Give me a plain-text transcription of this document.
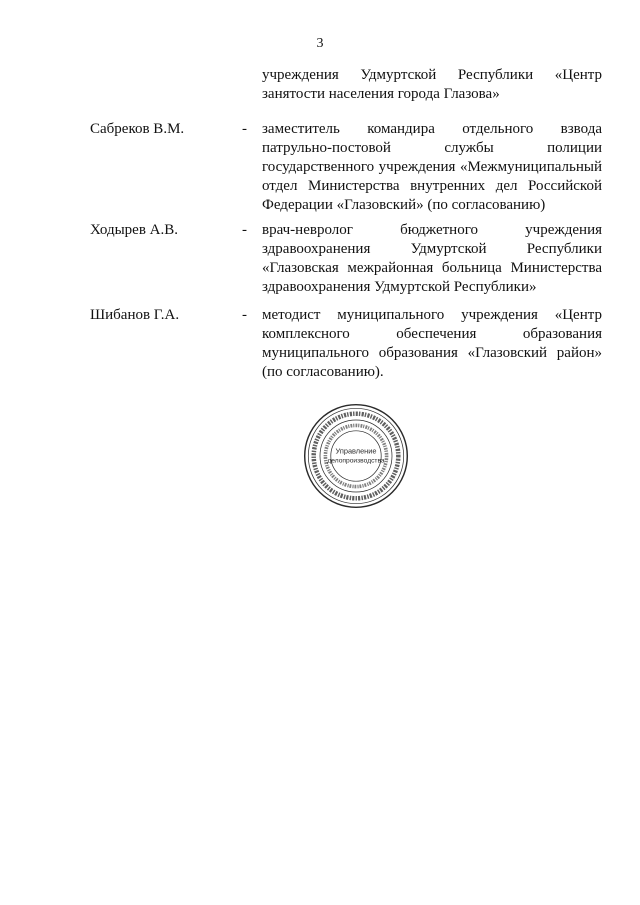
3

учреждения Удмуртской Республики «Центр
занятости населения города Глазова»

Сабреков В.М.	- заместитель командира отдельного взвода
патрульно-постовой службы полиции
государственного учреждения «Межмуниципальный
отдел Министерства внутренних дел Российской
Федерации «Глазовский» (по согласованию)

Ходырев А.В.	- врач-невролог бюджетного учреждения
здравоохранения Удмуртской Республики
«Глазовская межрайонная больница Министерства
здравоохранения Удмуртской Республики»

Шибанов Г.А.	- методист муниципального учреждения «Центр
комплексного обеспечения образования
муниципального образования «Глазовский район»
(по согласованию).

Управление
делопроизводства
